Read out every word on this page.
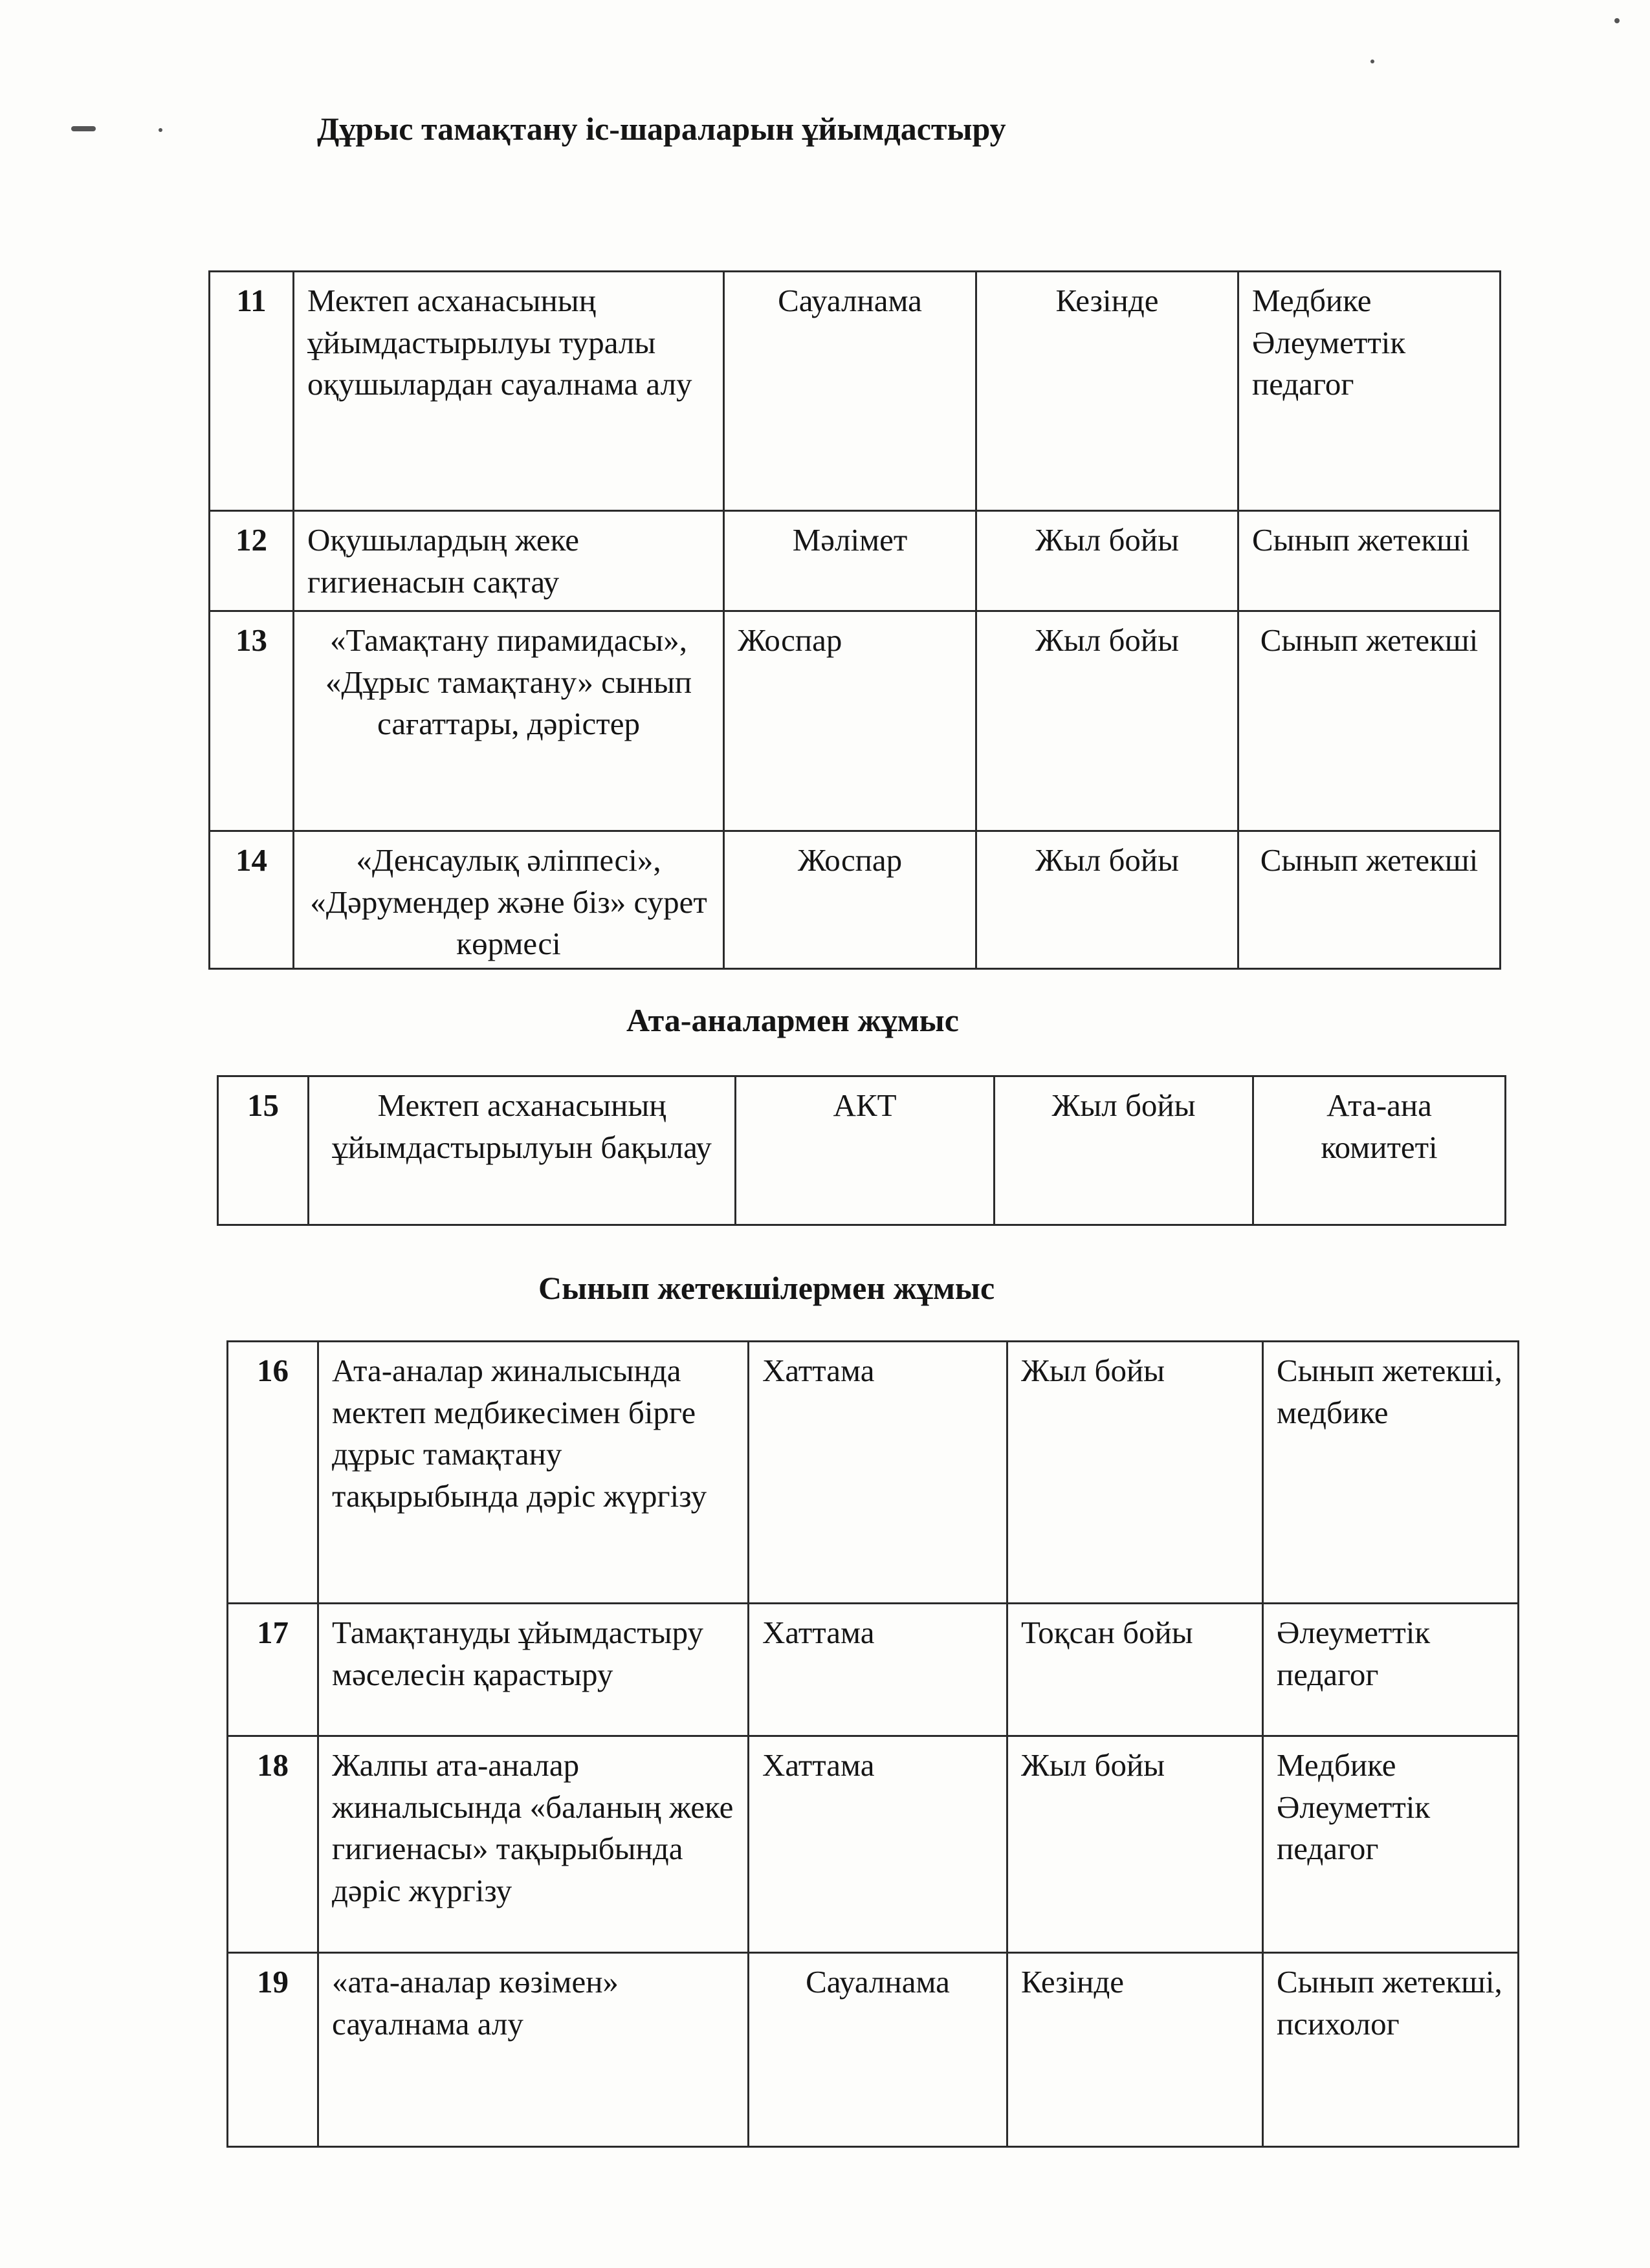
Дұрыс тамақтану іс-шараларын ұйымдастыру
11	Мектеп асханасының ұйымдастырылуы туралы оқушылардан сауалнама алу	Сауалнама	Кезінде	Медбике Әлеуметтік педагог
12	Оқушылардың жеке гигиенасын сақтау	Мәлімет	Жыл бойы	Сынып жетекші
13	«Тамақтану пирамидасы», «Дұрыс тамақтану» сынып сағаттары, дәрістер	Жоспар	Жыл бойы	Сынып жетекші
14	«Денсаулық әліппесі», «Дәрумендер және біз» сурет көрмесі	Жоспар	Жыл бойы	Сынып жетекші
Ата-аналармен жұмыс
15	Мектеп асханасының ұйымдастырылуын бақылау	АКТ	Жыл бойы	Ата-ана комитеті
Сынып жетекшілермен жұмыс
16	Ата-аналар жиналысында мектеп медбикесімен бірге дұрыс тамақтану тақырыбында дәріс жүргізу	Хаттама	Жыл бойы	Сынып жетекші, медбике
17	Тамақтануды ұйымдастыру мәселесін қарастыру	Хаттама	Тоқсан бойы	Әлеуметтік педагог
18	Жалпы ата-аналар жиналысында «баланың жеке гигиенасы» тақырыбында дәріс жүргізу	Хаттама	Жыл бойы	Медбике Әлеуметтік педагог
19	«ата-аналар көзімен» сауалнама алу	Сауалнама	Кезінде	Сынып жетекші, психолог
